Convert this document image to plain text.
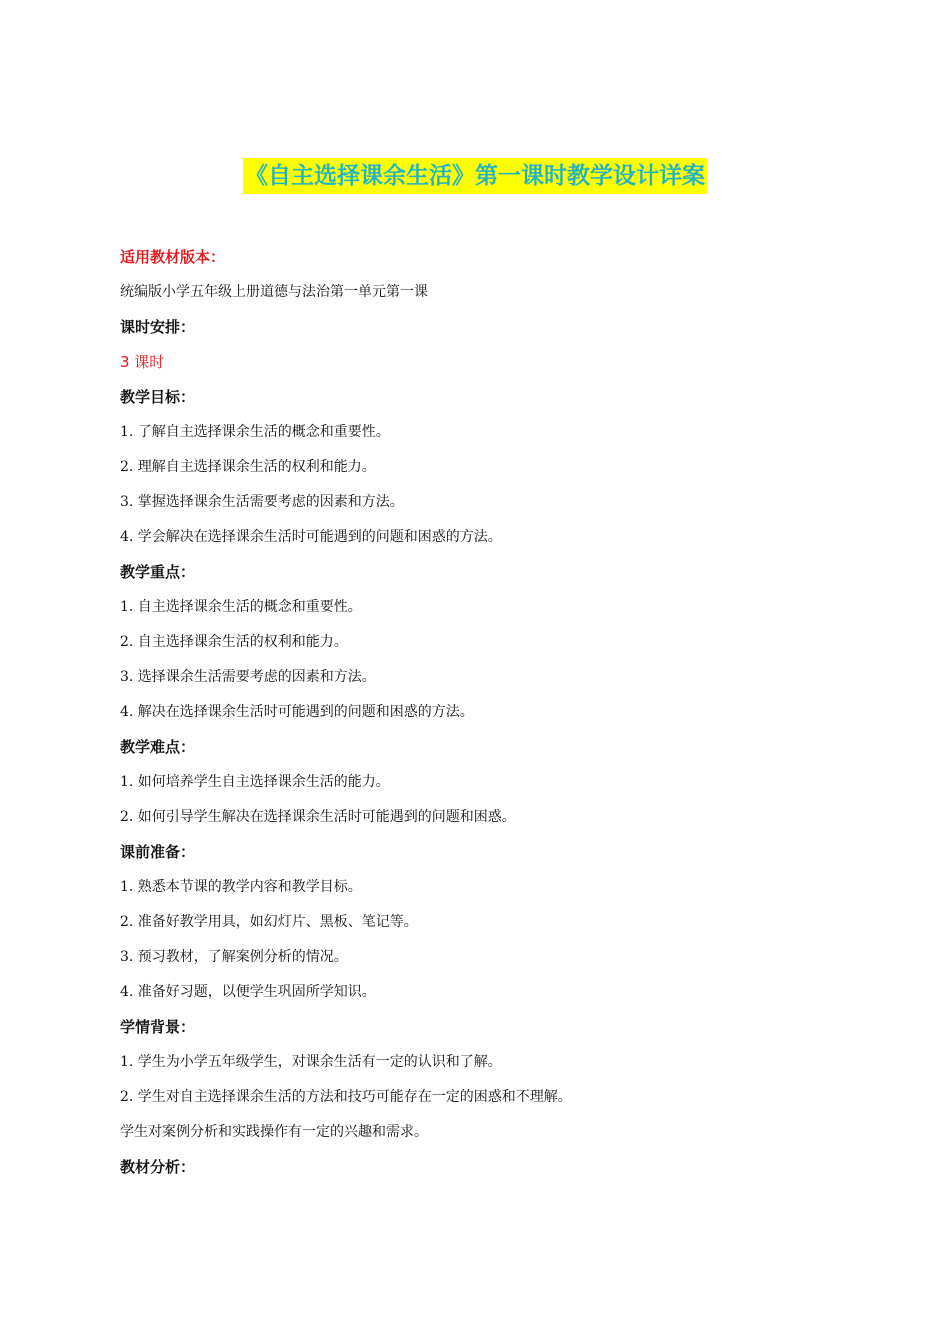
《自主选择课余生活》第一课时教学设计详案
适用教材版本：
统编版小学五年级上册道德与法治第一单元第一课
课时安排：
3 课时
教学目标：
1. 了解自主选择课余生活的概念和重要性。
2. 理解自主选择课余生活的权利和能力。
3. 掌握选择课余生活需要考虑的因素和方法。
4. 学会解决在选择课余生活时可能遇到的问题和困惑的方法。
教学重点：
1. 自主选择课余生活的概念和重要性。
2. 自主选择课余生活的权利和能力。
3. 选择课余生活需要考虑的因素和方法。
4. 解决在选择课余生活时可能遇到的问题和困惑的方法。
教学难点：
1. 如何培养学生自主选择课余生活的能力。
2. 如何引导学生解决在选择课余生活时可能遇到的问题和困惑。
课前准备：
1. 熟悉本节课的教学内容和教学目标。
2. 准备好教学用具，如幻灯片、黑板、笔记等。
3. 预习教材，了解案例分析的情况。
4. 准备好习题，以便学生巩固所学知识。
学情背景：
1. 学生为小学五年级学生，对课余生活有一定的认识和了解。
2. 学生对自主选择课余生活的方法和技巧可能存在一定的困惑和不理解。
学生对案例分析和实践操作有一定的兴趣和需求。
教材分析：
